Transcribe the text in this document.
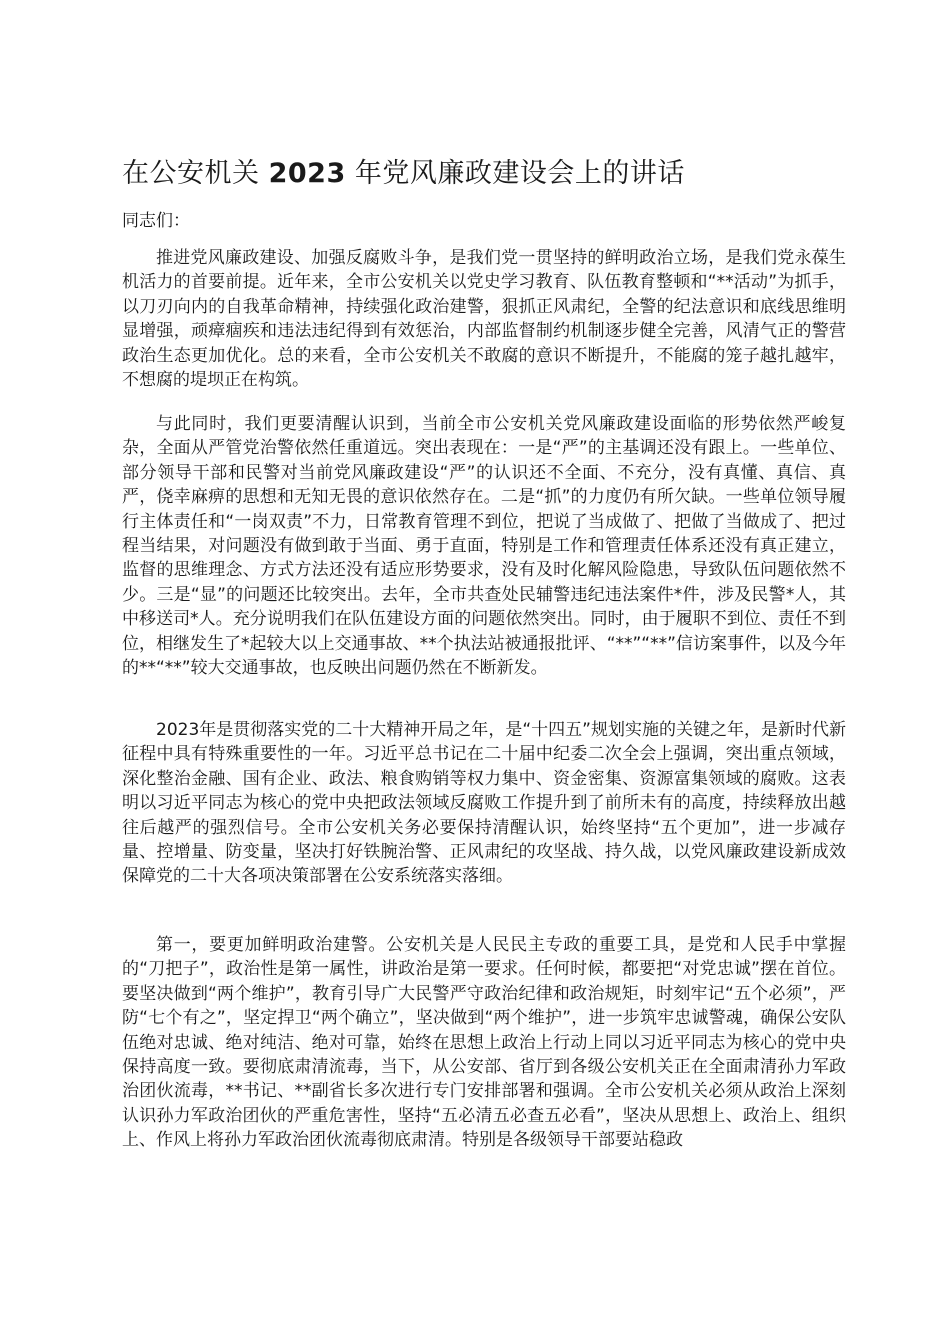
在公安机关 2023 年党风廉政建设会上的讲话

同志们：

推进党风廉政建设、加强反腐败斗争，是我们党一贯坚持的鲜明政治立场，是我们党永葆生机活力的首要前提。近年来，全市公安机关以党史学习教育、队伍教育整顿和“**活动”为抓手，以刀刃向内的自我革命精神，持续强化政治建警，狠抓正风肃纪，全警的纪法意识和底线思维明显增强，顽瘴痼疾和违法违纪得到有效惩治，内部监督制约机制逐步健全完善，风清气正的警营政治生态更加优化。总的来看，全市公安机关不敢腐的意识不断提升，不能腐的笼子越扎越牢，不想腐的堤坝正在构筑。

与此同时，我们更要清醒认识到，当前全市公安机关党风廉政建设面临的形势依然严峻复杂，全面从严管党治警依然任重道远。突出表现在：一是“严”的主基调还没有跟上。一些单位、部分领导干部和民警对当前党风廉政建设“严”的认识还不全面、不充分，没有真懂、真信、真严，侥幸麻痹的思想和无知无畏的意识依然存在。二是“抓”的力度仍有所欠缺。一些单位领导履行主体责任和“一岗双责”不力，日常教育管理不到位，把说了当成做了、把做了当做成了、把过程当结果，对问题没有做到敢于当面、勇于直面，特别是工作和管理责任体系还没有真正建立，监督的思维理念、方式方法还没有适应形势要求，没有及时化解风险隐患，导致队伍问题依然不少。三是“显”的问题还比较突出。去年，全市共查处民辅警违纪违法案件*件，涉及民警*人，其中移送司*人。充分说明我们在队伍建设方面的问题依然突出。同时，由于履职不到位、责任不到位，相继发生了*起较大以上交通事故、**个执法站被通报批评、“**”“**”信访案事件，以及今年的**“**”较大交通事故，也反映出问题仍然在不断新发。

2023年是贯彻落实党的二十大精神开局之年，是“十四五”规划实施的关键之年，是新时代新征程中具有特殊重要性的一年。习近平总书记在二十届中纪委二次全会上强调，突出重点领域，深化整治金融、国有企业、政法、粮食购销等权力集中、资金密集、资源富集领域的腐败。这表明以习近平同志为核心的党中央把政法领域反腐败工作提升到了前所未有的高度，持续释放出越往后越严的强烈信号。全市公安机关务必要保持清醒认识，始终坚持“五个更加”，进一步减存量、控增量、防变量，坚决打好铁腕治警、正风肃纪的攻坚战、持久战，以党风廉政建设新成效保障党的二十大各项决策部署在公安系统落实落细。

第一，要更加鲜明政治建警。公安机关是人民民主专政的重要工具，是党和人民手中掌握的“刀把子”，政治性是第一属性，讲政治是第一要求。任何时候，都要把“对党忠诚”摆在首位。要坚决做到“两个维护”，教育引导广大民警严守政治纪律和政治规矩，时刻牢记“五个必须”，严防“七个有之”，坚定捍卫“两个确立”，坚决做到“两个维护”，进一步筑牢忠诚警魂，确保公安队伍绝对忠诚、绝对纯洁、绝对可靠，始终在思想上政治上行动上同以习近平同志为核心的党中央保持高度一致。要彻底肃清流毒，当下，从公安部、省厅到各级公安机关正在全面肃清孙力军政治团伙流毒，**书记、**副省长多次进行专门安排部署和强调。全市公安机关必须从政治上深刻认识孙力军政治团伙的严重危害性，坚持“五必清五必查五必看”，坚决从思想上、政治上、组织上、作风上将孙力军政治团伙流毒彻底肃清。特别是各级领导干部要站稳政
